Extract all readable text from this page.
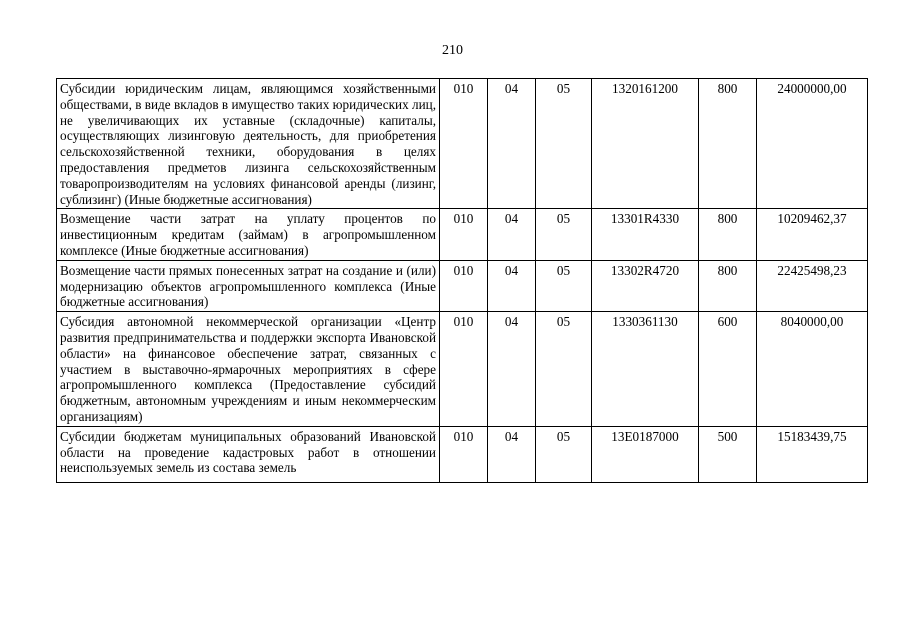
210
Субсидии юридическим лицам, являющимся хозяйственными обществами, в виде вкладов в имущество таких юридических лиц, не увеличивающих их уставные (складочные) капиталы, осуществляющих лизинговую деятельность, для приобретения сельскохозяйственной техники, оборудования в целях предоставления предметов лизинга сельскохозяйственным товаропроизводителям на условиях финансовой аренды (лизинг, сублизинг) (Иные бюджетные ассигнования)	010	04	05	1320161200	800	24000000,00
Возмещение части затрат на уплату процентов по инвестиционным кредитам (займам) в агропромышленном комплексе (Иные бюджетные ассигнования)	010	04	05	13301R4330	800	10209462,37
Возмещение части прямых понесенных затрат на создание и (или) модернизацию объектов агропромышленного комплекса (Иные бюджетные ассигнования)	010	04	05	13302R4720	800	22425498,23
Субсидия автономной некоммерческой организации «Центр развития предпринимательства и поддержки экспорта Ивановской области» на финансовое обеспечение затрат, связанных с участием в выставочно-ярмарочных мероприятиях в сфере агропромышленного комплекса (Предоставление субсидий бюджетным, автономным учреждениям и иным некоммерческим организациям)	010	04	05	1330361130	600	8040000,00

Субсидии бюджетам муниципальных образований Ивановской области на проведение кадастровых работ в отношении неиспользуемых земель из состава земель	010	04	05	13Е0187000	500	15183439,75
